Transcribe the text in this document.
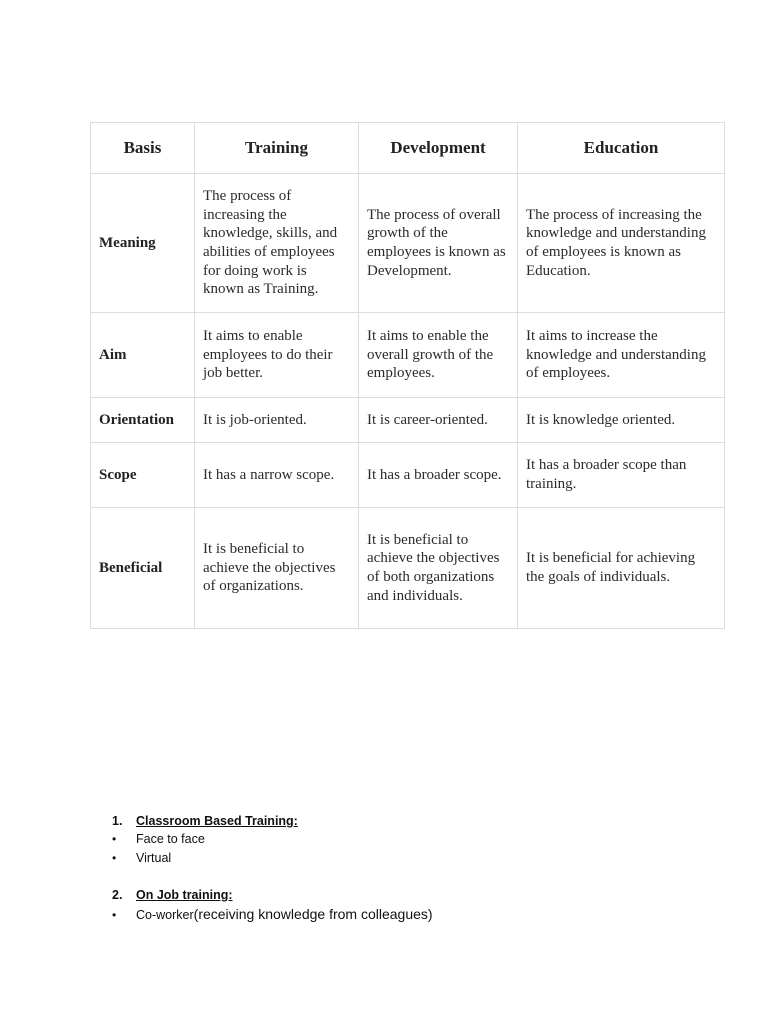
Basis	Training	Development	Education
Meaning	The process of increasing the knowledge, skills, and abilities of employees for doing work is known as Training.	The process of overall growth of the employees is known as Development.	The process of increasing the knowledge and understanding of employees is known as Education.
Aim	It aims to enable employees to do their job better.	It aims to enable the overall growth of the employees.	It aims to increase the knowledge and understanding of employees.
Orientation	It is job-oriented.	It is career-oriented.	It is knowledge oriented.
Scope	It has a narrow scope.	It has a broader scope.	It has a broader scope than training.
Beneficial	It is beneficial to achieve the objectives of organizations.	It is beneficial to achieve the objectives of both organizations and individuals.	It is beneficial for achieving the goals of individuals.
1.	Classroom Based Training:
•	Face to face
•	Virtual
2.	On Job training:
•	Co-worker (receiving knowledge from colleagues)
